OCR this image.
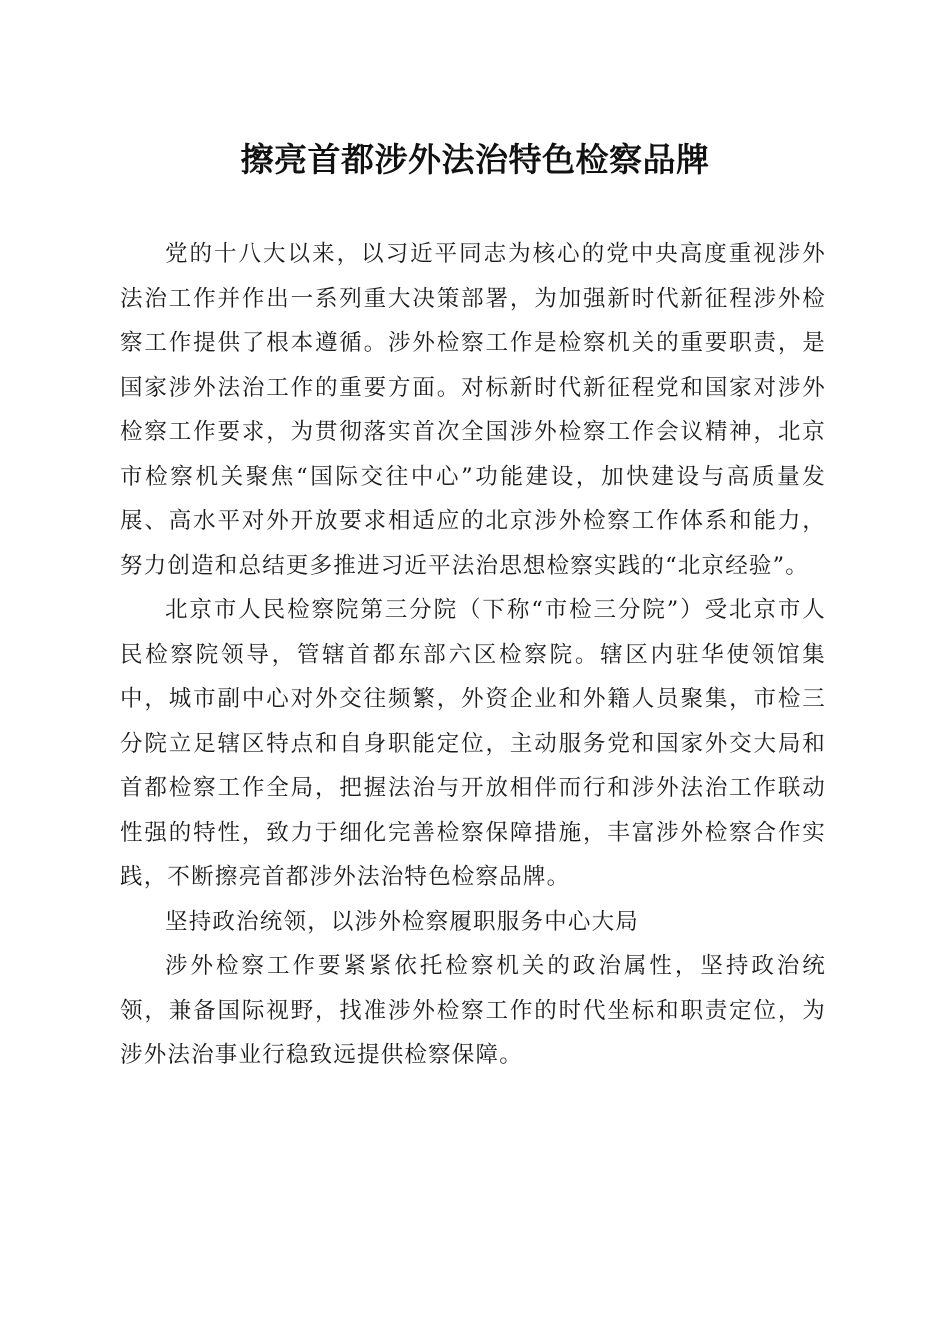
擦亮首都涉外法治特色检察品牌

党的十八大以来，以习近平同志为核心的党中央高度重视涉外法治工作并作出一系列重大决策部署，为加强新时代新征程涉外检察工作提供了根本遵循。涉外检察工作是检察机关的重要职责，是国家涉外法治工作的重要方面。对标新时代新征程党和国家对涉外检察工作要求，为贯彻落实首次全国涉外检察工作会议精神，北京市检察机关聚焦“国际交往中心”功能建设，加快建设与高质量发展、高水平对外开放要求相适应的北京涉外检察工作体系和能力，努力创造和总结更多推进习近平法治思想检察实践的“北京经验”。

北京市人民检察院第三分院（下称“市检三分院”）受北京市人民检察院领导，管辖首都东部六区检察院。辖区内驻华使领馆集中，城市副中心对外交往频繁，外资企业和外籍人员聚集，市检三分院立足辖区特点和自身职能定位，主动服务党和国家外交大局和首都检察工作全局，把握法治与开放相伴而行和涉外法治工作联动性强的特性，致力于细化完善检察保障措施，丰富涉外检察合作实践，不断擦亮首都涉外法治特色检察品牌。

坚持政治统领，以涉外检察履职服务中心大局

涉外检察工作要紧紧依托检察机关的政治属性，坚持政治统领，兼备国际视野，找准涉外检察工作的时代坐标和职责定位，为涉外法治事业行稳致远提供检察保障。
